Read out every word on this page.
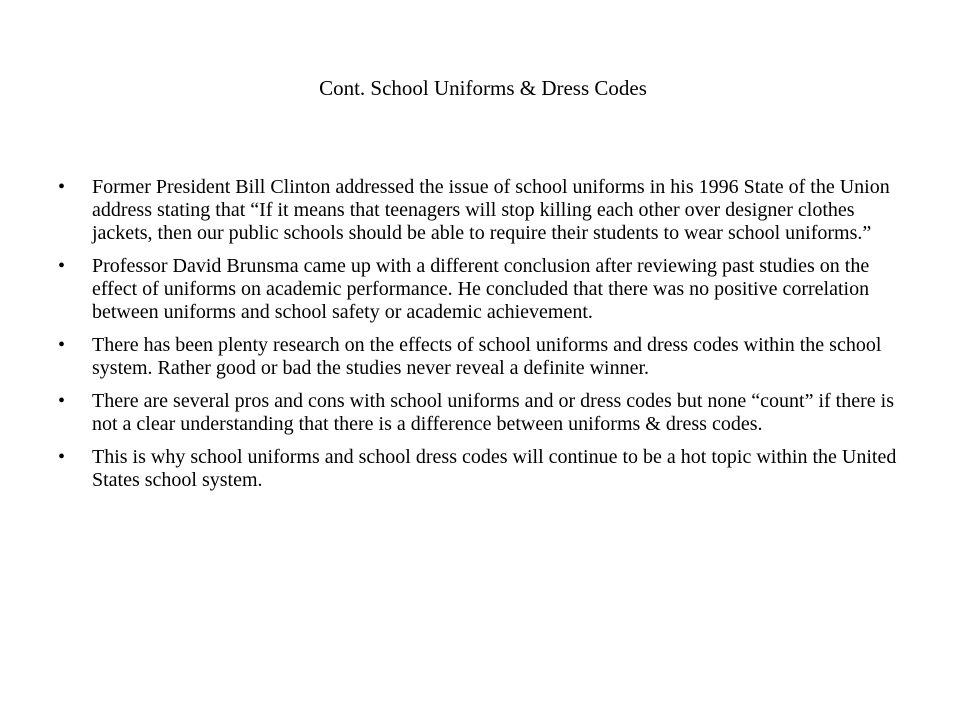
Cont. School Uniforms & Dress Codes
•	Former President Bill Clinton addressed the issue of school uniforms in his 1996 State of the Union address stating that “If it means that teenagers will stop killing each other over designer clothes jackets, then our public schools should be able to require their students to wear school uniforms.”
•	Professor David Brunsma came up with a different conclusion after reviewing past studies on the effect of uniforms on academic performance. He concluded that there was no positive correlation between uniforms and school safety or academic achievement.
•	There has been plenty research on the effects of school uniforms and dress codes within the school system. Rather good or bad the studies never reveal a definite winner.
•	There are several pros and cons with school uniforms and or dress codes but none “count” if there is not a clear understanding that there is a difference between uniforms & dress codes.
•	This is why school uniforms and school dress codes will continue to be a hot topic within the United States school system.
